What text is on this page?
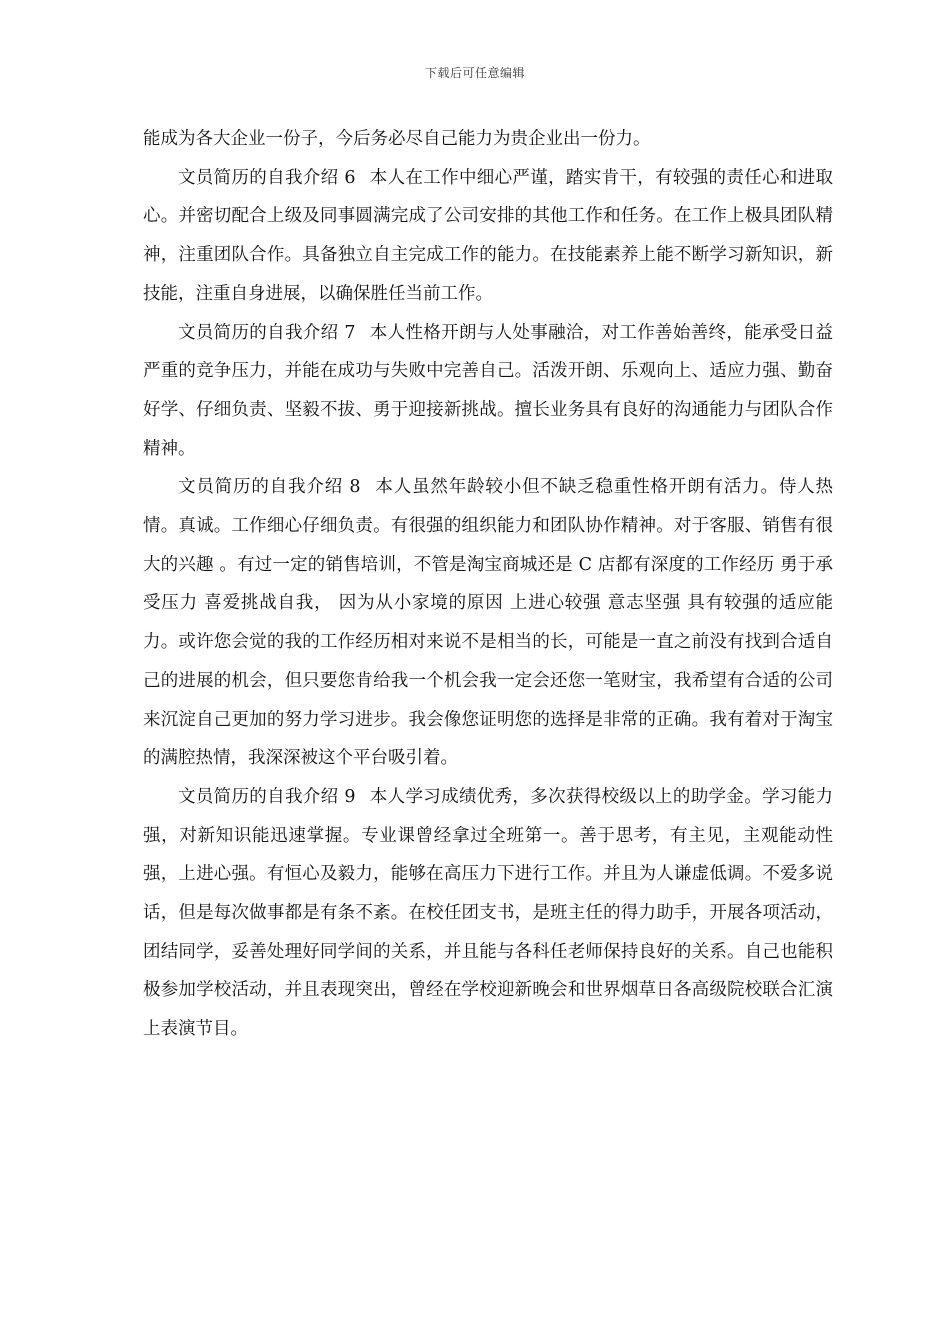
下载后可任意编辑

能成为各大企业一份子，今后务必尽自己能力为贵企业出一份力。

文员简历的自我介绍 6 本人在工作中细心严谨，踏实肯干，有较强的责任心和进取心。并密切配合上级及同事圆满完成了公司安排的其他工作和任务。在工作上极具团队精神，注重团队合作。具备独立自主完成工作的能力。在技能素养上能不断学习新知识，新技能，注重自身进展，以确保胜任当前工作。

文员简历的自我介绍 7 本人性格开朗与人处事融洽，对工作善始善终，能承受日益严重的竞争压力，并能在成功与失败中完善自己。活泼开朗、乐观向上、适应力强、勤奋好学、仔细负责、坚毅不拔、勇于迎接新挑战。擅长业务具有良好的沟通能力与团队合作精神。

文员简历的自我介绍 8 本人虽然年龄较小但不缺乏稳重性格开朗有活力。侍人热情。真诚。工作细心仔细负责。有很强的组织能力和团队协作精神。对于客服、销售有很大的兴趣 。有过一定的销售培训，不管是淘宝商城还是 C 店都有深度的工作经历 勇于承受压力 喜爱挑战自我， 因为从小家境的原因 上进心较强 意志坚强 具有较强的适应能力。或许您会觉的我的工作经历相对来说不是相当的长，可能是一直之前没有找到合适自己的进展的机会，但只要您肯给我一个机会我一定会还您一笔财宝，我希望有合适的公司来沉淀自己更加的努力学习进步。我会像您证明您的选择是非常的正确。我有着对于淘宝的满腔热情，我深深被这个平台吸引着。

文员简历的自我介绍 9 本人学习成绩优秀，多次获得校级以上的助学金。学习能力强，对新知识能迅速掌握。专业课曾经拿过全班第一。善于思考，有主见，主观能动性强，上进心强。有恒心及毅力，能够在高压力下进行工作。并且为人谦虚低调。不爱多说话，但是每次做事都是有条不紊。在校任团支书，是班主任的得力助手，开展各项活动，团结同学，妥善处理好同学间的关系，并且能与各科任老师保持良好的关系。自己也能积极参加学校活动，并且表现突出，曾经在学校迎新晚会和世界烟草日各高级院校联合汇演上表演节目。
